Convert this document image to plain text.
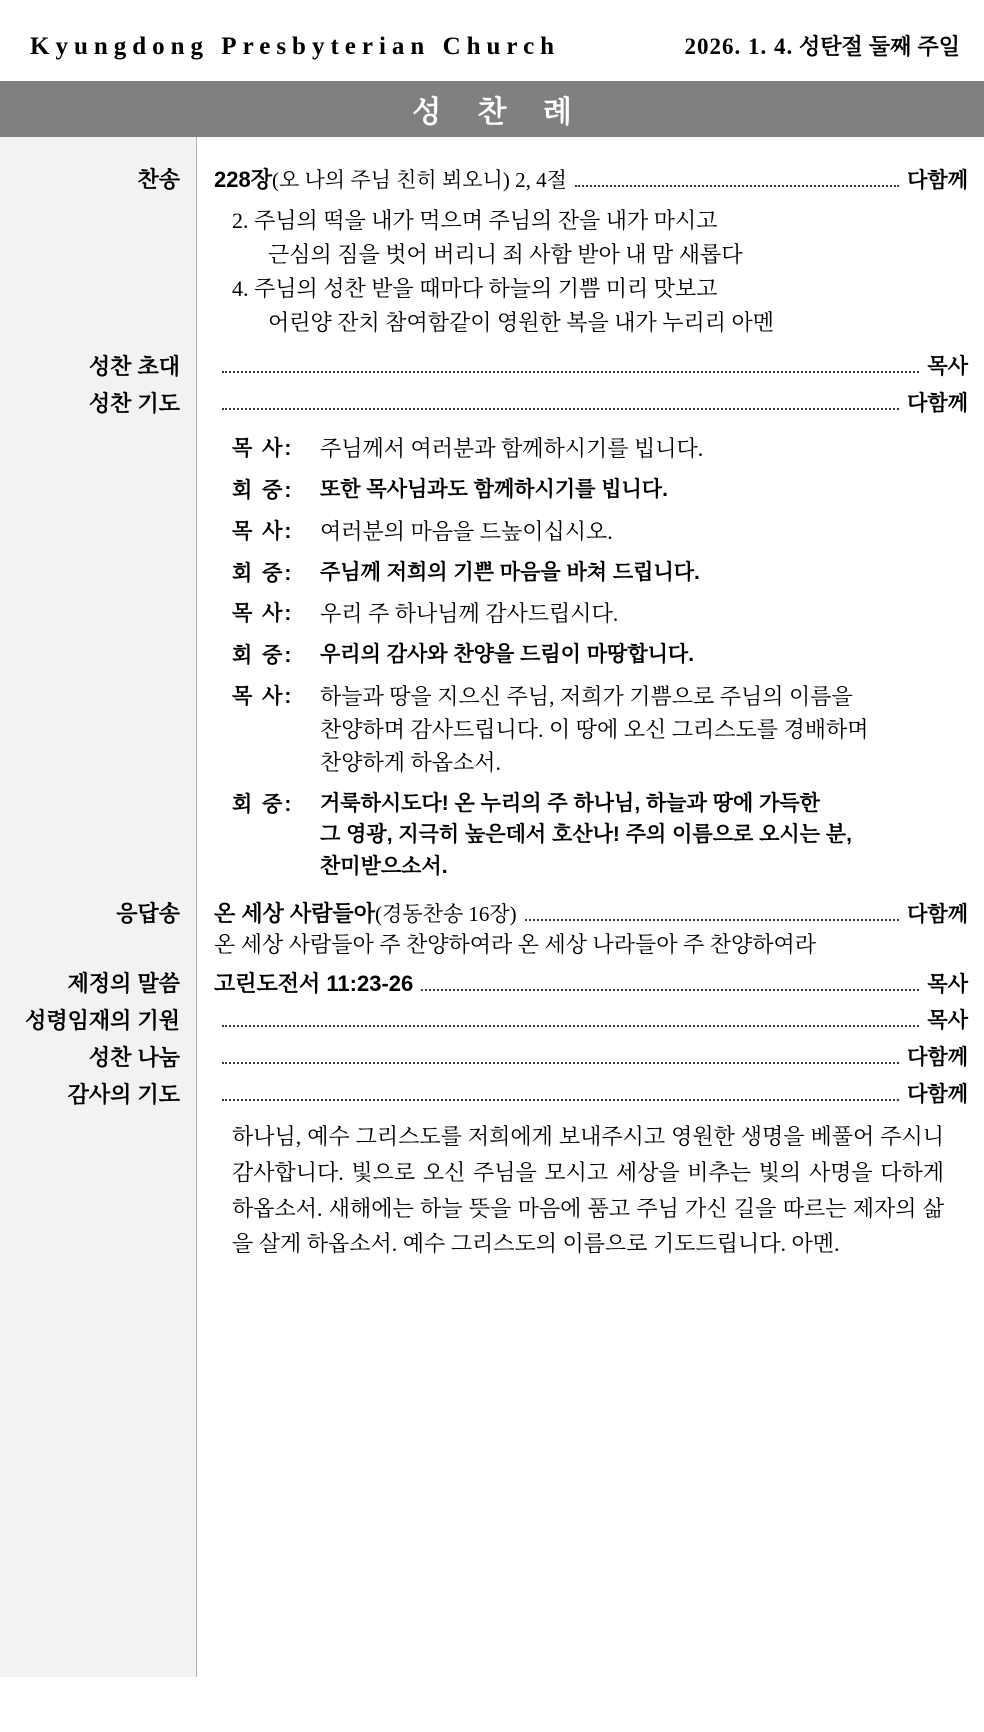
Kyungdong Presbyterian Church	2026. 1. 4. 성탄절 둘째 주일
성 찬 례
찬송	228장(오 나의 주님 친히 뵈오니) 2, 4절	다함께
2. 주님의 떡을 내가 먹으며 주님의 잔을 내가 마시고
근심의 짐을 벗어 버리니 죄 사함 받아 내 맘 새롭다
4. 주님의 성찬 받을 때마다 하늘의 기쁨 미리 맛보고
어린양 잔치 참여함같이 영원한 복을 내가 누리리 아멘
성찬 초대	목사
성찬 기도	다함께
목 사:	주님께서 여러분과 함께하시기를 빕니다.
회 중:	또한 목사님과도 함께하시기를 빕니다.
목 사:	여러분의 마음을 드높이십시오.
회 중:	주님께 저희의 기쁜 마음을 바쳐 드립니다.
목 사:	우리 주 하나님께 감사드립시다.
회 중:	우리의 감사와 찬양을 드림이 마땅합니다.
목 사:	하늘과 땅을 지으신 주님, 저희가 기쁨으로 주님의 이름을
찬양하며 감사드립니다. 이 땅에 오신 그리스도를 경배하며
찬양하게 하옵소서.
회 중:	거룩하시도다! 온 누리의 주 하나님, 하늘과 땅에 가득한
그 영광, 지극히 높은데서 호산나! 주의 이름으로 오시는 분,
찬미받으소서.
응답송	온 세상 사람들아(경동찬송 16장)	다함께
온 세상 사람들아 주 찬양하여라 온 세상 나라들아 주 찬양하여라
제정의 말씀	고린도전서 11:23-26	목사
성령임재의 기원	목사
성찬 나눔	다함께
감사의 기도	다함께
하나님, 예수 그리스도를 저희에게 보내주시고 영원한 생명을 베풀어 주시니 감사합니다. 빛으로 오신 주님을 모시고 세상을 비추는 빛의 사명을 다하게 하옵소서. 새해에는 하늘 뜻을 마음에 품고 주님 가신 길을 따르는 제자의 삶을 살게 하옵소서. 예수 그리스도의 이름으로 기도드립니다. 아멘.
